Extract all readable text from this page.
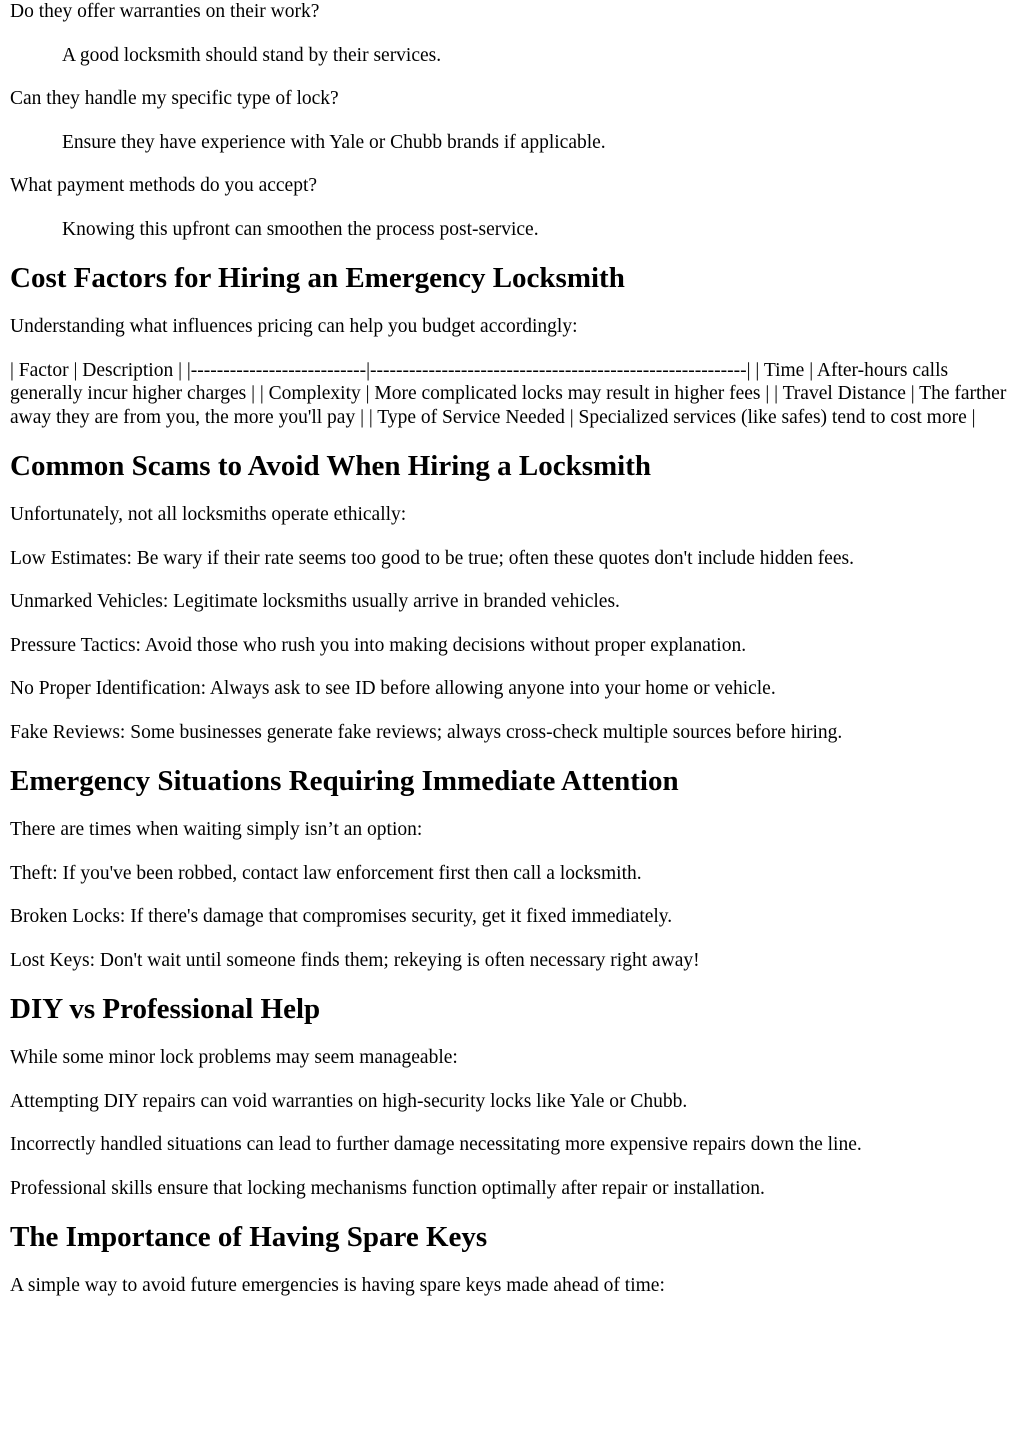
Do they offer warranties on their work?

A good locksmith should stand by their services.

Can they handle my specific type of lock?

Ensure they have experience with Yale or Chubb brands if applicable.

What payment methods do you accept?

Knowing this upfront can smoothen the process post-service.

Cost Factors for Hiring an Emergency Locksmith

Understanding what influences pricing can help you budget accordingly:

| Factor | Description | |---------------------------|----------------------------------------------------------| | Time | After-hours calls generally incur higher charges | | Complexity | More complicated locks may result in higher fees | | Travel Distance | The farther away they are from you, the more you'll pay | | Type of Service Needed | Specialized services (like safes) tend to cost more |

Common Scams to Avoid When Hiring a Locksmith

Unfortunately, not all locksmiths operate ethically:

Low Estimates: Be wary if their rate seems too good to be true; often these quotes don't include hidden fees.

Unmarked Vehicles: Legitimate locksmiths usually arrive in branded vehicles.

Pressure Tactics: Avoid those who rush you into making decisions without proper explanation.

No Proper Identification: Always ask to see ID before allowing anyone into your home or vehicle.

Fake Reviews: Some businesses generate fake reviews; always cross-check multiple sources before hiring.

Emergency Situations Requiring Immediate Attention

There are times when waiting simply isn’t an option:

Theft: If you've been robbed, contact law enforcement first then call a locksmith.

Broken Locks: If there's damage that compromises security, get it fixed immediately.

Lost Keys: Don't wait until someone finds them; rekeying is often necessary right away!

DIY vs Professional Help

While some minor lock problems may seem manageable:

Attempting DIY repairs can void warranties on high-security locks like Yale or Chubb.

Incorrectly handled situations can lead to further damage necessitating more expensive repairs down the line.

Professional skills ensure that locking mechanisms function optimally after repair or installation.

The Importance of Having Spare Keys

A simple way to avoid future emergencies is having spare keys made ahead of time:
